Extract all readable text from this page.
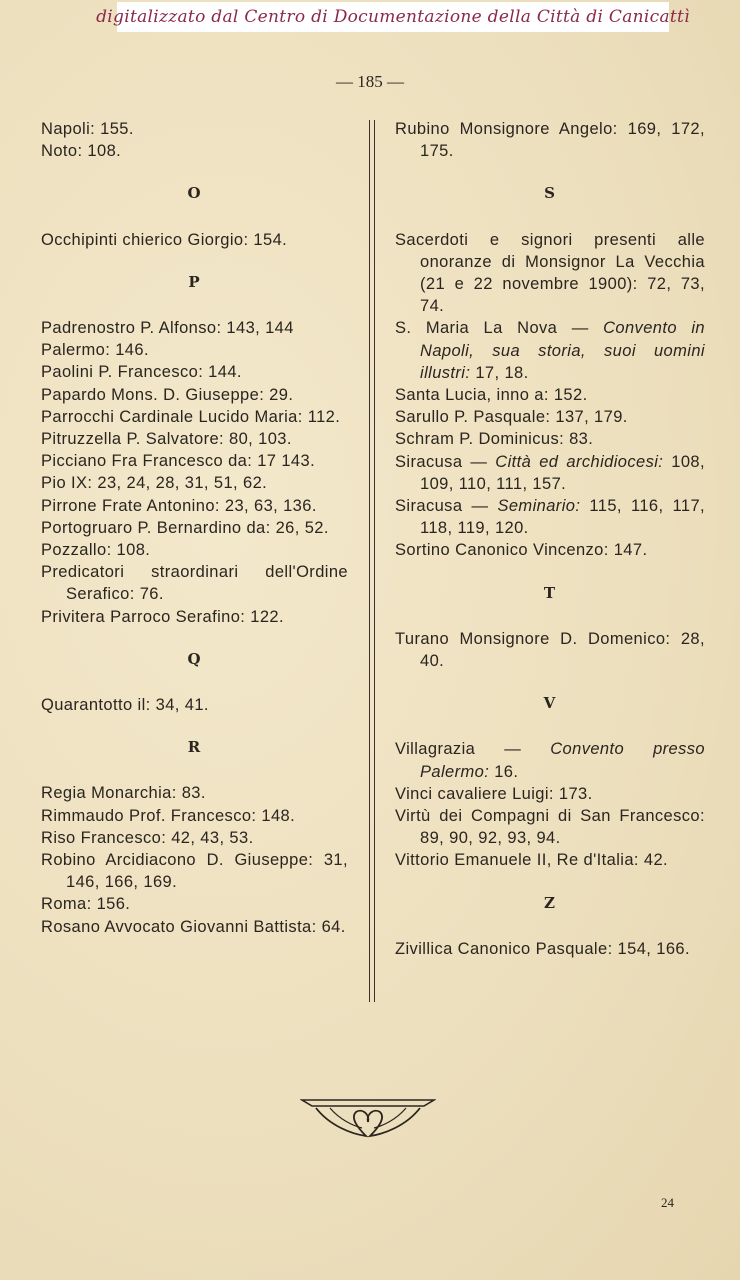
digitalizzato dal Centro di Documentazione della Città di Canicattì
— 185 —
Napoli: 155.
Noto: 108.
O
Occhipinti chierico Giorgio: 154.
P
Padrenostro P. Alfonso: 143, 144
Palermo: 146.
Paolini P. Francesco: 144.
Papardo Mons. D. Giuseppe: 29.
Parrocchi Cardinale Lucido Maria: 112.
Pitruzzella P. Salvatore: 80, 103.
Picciano Fra Francesco da: 17 143.
Pio IX: 23, 24, 28, 31, 51, 62.
Pirrone Frate Antonino: 23, 63, 136.
Portogruaro P. Bernardino da: 26, 52.
Pozzallo: 108.
Predicatori straordinari dell'Ordine Serafico: 76.
Privitera Parroco Serafino: 122.
Q
Quarantotto il: 34, 41.
R
Regia Monarchia: 83.
Rimmaudo Prof. Francesco: 148.
Riso Francesco: 42, 43, 53.
Robino Arcidiacono D. Giuseppe: 31, 146, 166, 169.
Roma: 156.
Rosano Avvocato Giovanni Battista: 64.
Rubino Monsignore Angelo: 169, 172, 175.
S
Sacerdoti e signori presenti alle onoranze di Monsignor La Vecchia (21 e 22 novembre 1900): 72, 73, 74.
S. Maria La Nova — Convento in Napoli, sua storia, suoi uomini illustri: 17, 18.
Santa Lucia, inno a: 152.
Sarullo P. Pasquale: 137, 179.
Schram P. Dominicus: 83.
Siracusa — Città ed archidiocesi: 108, 109, 110, 111, 157.
Siracusa — Seminario: 115, 116, 117, 118, 119, 120.
Sortino Canonico Vincenzo: 147.
T
Turano Monsignore D. Domenico: 28, 40.
V
Villagrazia — Convento presso Palermo: 16.
Vinci cavaliere Luigi: 173.
Virtù dei Compagni di San Francesco: 89, 90, 92, 93, 94.
Vittorio Emanuele II, Re d'Italia: 42.
Z
Zivillica Canonico Pasquale: 154, 166.
24
